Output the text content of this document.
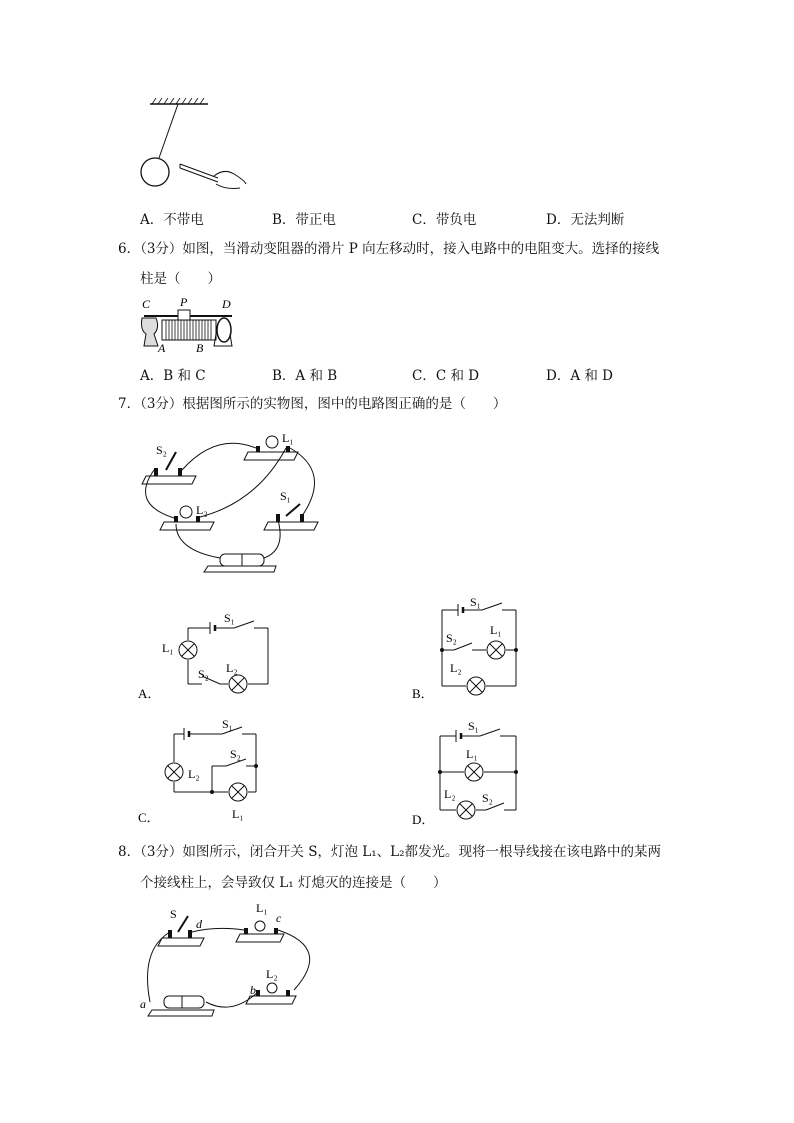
A．不带电	B．带正电	C．带负电	D．无法判断
6．（3分）如图，当滑动变阻器的滑片 P 向左移动时，接入电路中的电阻变大。选择的接线
柱是（　　）
C P	D
A	B
A．B 和 C	B．A 和 B	C．C 和 D	D．A 和 D
7．（3分）根据图所示的实物图，图中的电路图正确的是（　　）
S₂
L₁
L₂
S₁
S₁
L₁
S₂ L₂
A．
S₁
S₂
L₁
L₂
B．
S₁
S₂
L₂
L₁
C．
S₁
L₁
L₂ S₂
D．
8．（3分）如图所示，闭合开关 S，灯泡 L₁、L₂都发光。现将一根导线接在该电路中的某两
个接线柱上，会导致仅 L₁ 灯熄灭的连接是（　　）
S
d
L₁
c
L₂
b
a
